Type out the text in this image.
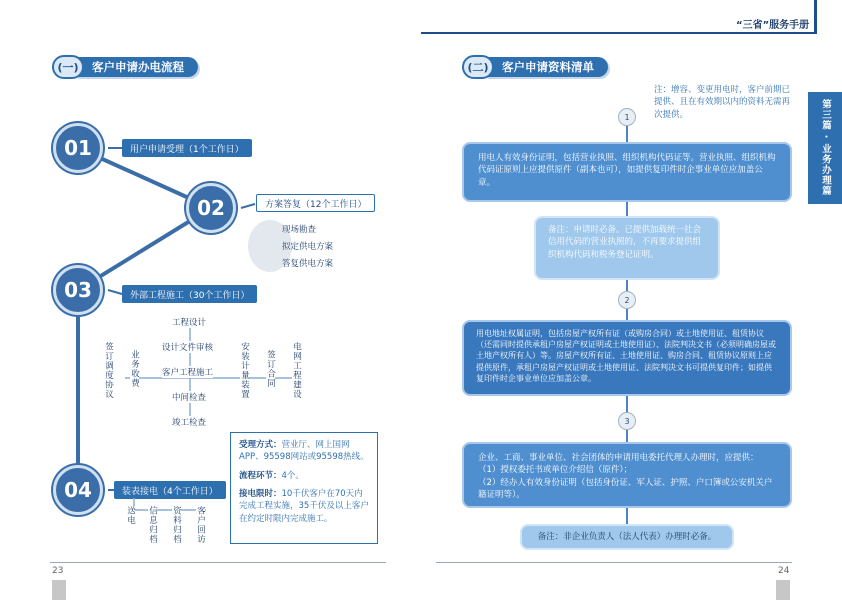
“三省”服务手册
(一)	客户申请办电流程
01
02
03
04
用户申请受理（1个工作日）
方案答复（12个工作日）
外部工程施工（30个工作日）
装表接电（4个工作日）
现场勘查
拟定供电方案
答复供电方案
工程设计
设计文件审核
客户工程施工
中间检查
竣工检查
签订调度协议 业务收费	安装计量装置 签订合同 电网工程建设
送电 信息归档 资料归档 客户回访

受理方式：营业厅、网上国网APP、95598网站或95598热线。

流程环节：4个。

接电限时：10千伏客户在70天内完成工程实施，35千伏及以上客户在约定时限内完成施工。

23
(二)	客户申请资料清单
注：增容、变更用电时，客户前期已提供、且在有效期以内的资料无需再次提供。	第三篇 · 业务办理篇
1
2
3
用电人有效身份证明，包括营业执照、组织机构代码证等。营业执照、组织机构代码证原则上应提供原件（副本也可），如提供复印件时企事业单位应加盖公章。
备注：申请时必备。已提供加载统一社会信用代码的营业执照的，不再要求提供组织机构代码和税务登记证明。
用电地址权属证明，包括房屋产权所有证（或购房合同）或土地使用证、租赁协议（还需同时提供承租户房屋产权证明或土地使用证）、法院判决文书（必须明确房屋或土地产权所有人）等。房屋产权所有证、土地使用证、购房合同、租赁协议原则上应提供原件，承租户房屋产权证明或土地使用证、法院判决文书可提供复印件；如提供复印件时企事业单位应加盖公章。
企业、工商、事业单位、社会团体的申请用电委托代理人办理时，应提供：
（1）授权委托书或单位介绍信（原件）；
（2）经办人有效身份证明（包括身份证、军人证、护照、户口簿或公安机关户籍证明等）。
备注：非企业负责人（法人代表）办理时必备。
24
